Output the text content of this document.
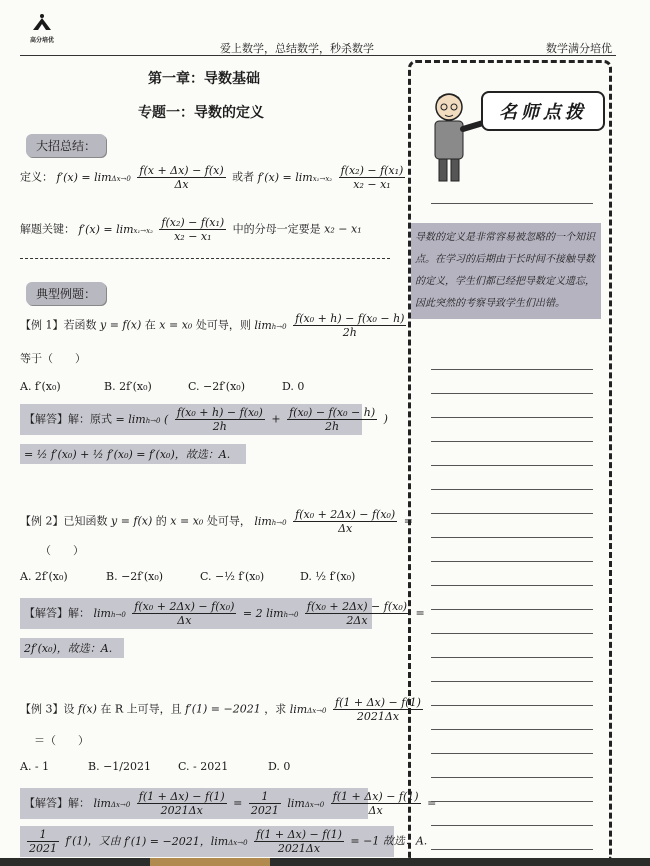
高分培优
爱上数学，总结数学，秒杀数学	数学满分培优
第一章：导数基础
专题一：导数的定义
大招总结：
定义： $f'(x) = \lim\Delta x\to 0 \frac{f(x + \Delta x) - f(x)}{\Delta x}$ 或者 $f'(x) = \lim x_1\to x_2 \frac{\text{f(x₂) − f(x₁)}}{\text{x₂ − x₁}}$
解题关键： $f'(x) = \lim x_1\to x_2 \frac{\text{f(x₂) − f(x₁)}}{\text{x₂ − x₁}}$ 中的分母一定要是 x₂ − x₁
典型例题：
【例 1】若函数 y = f(x) 在 x = x₀ 处可导，则 $\lim h\to 0 \frac{\text{f(x₀ + h) − f(x₀ − h)}}{2h}$
等于（　　）
A. f′(x₀)	B. 2f′(x₀)	C. −2f′(x₀)	D. 0
【解答】解：原式 = limh→0 ( $\frac{\text{f(x₀ + h) − f(x₀)}}{2h} + \frac{\text{f(x₀) − f(x₀ − h)}}{2h}$ )
= ½ f′(x₀) + ½ f′(x₀) = f′(x₀)，故选：A.
【例 2】已知函数 y = f(x) 的 x = x₀ 处可导， $\lim h\to 0 \frac{\text{f(x₀ + 2Δx) − f(x₀)}}{\Delta x}$ =
（　　）
A. 2f′(x₀)	B. −2f′(x₀)	C. −½ f′(x₀)	D. ½ f′(x₀)
【解答】解： $\lim h\to 0 \frac{\text{f(x₀ + 2Δx) − f(x₀)}}{\Delta x} = 2$ $\lim h\to 0 \frac{\text{f(x₀ + 2Δx) − f(x₀)}}{2\Delta x}$ =
2f′(x₀)，故选：A.
【例 3】设 f(x) 在 R 上可导，且 f′(1) = −2021 ，求 $\lim\Delta x\to 0 \frac{f(1 + \Delta x) - f(1)}{2021\Delta x}$
＝（　　）
A. - 1	B. −1/2021 C. - 2021	D. 0
【解答】解： $\lim\Delta x\to 0 \frac{f(1 + \Delta x) - f(1)}{2021\Delta x} = \frac{1}{2021} \lim\Delta x\to 0 \frac{f(1 + \Delta x) - f(1)}{\Delta x}$ =
$\frac{1}{2021} f'(1)$，又由 f′(1) = −2021，$\lim\Delta x\to 0 \frac{f(1 + \Delta x) - f(1)}{2021\Delta x} = -1$ 故选：A.
名师点拨
导数的定义是非常容易被忽略的一个知识点。在学习的后期由于长时间不接触导数的定义，学生们都已经把导数定义遗忘，因此突然的考察导致学生们出错。
